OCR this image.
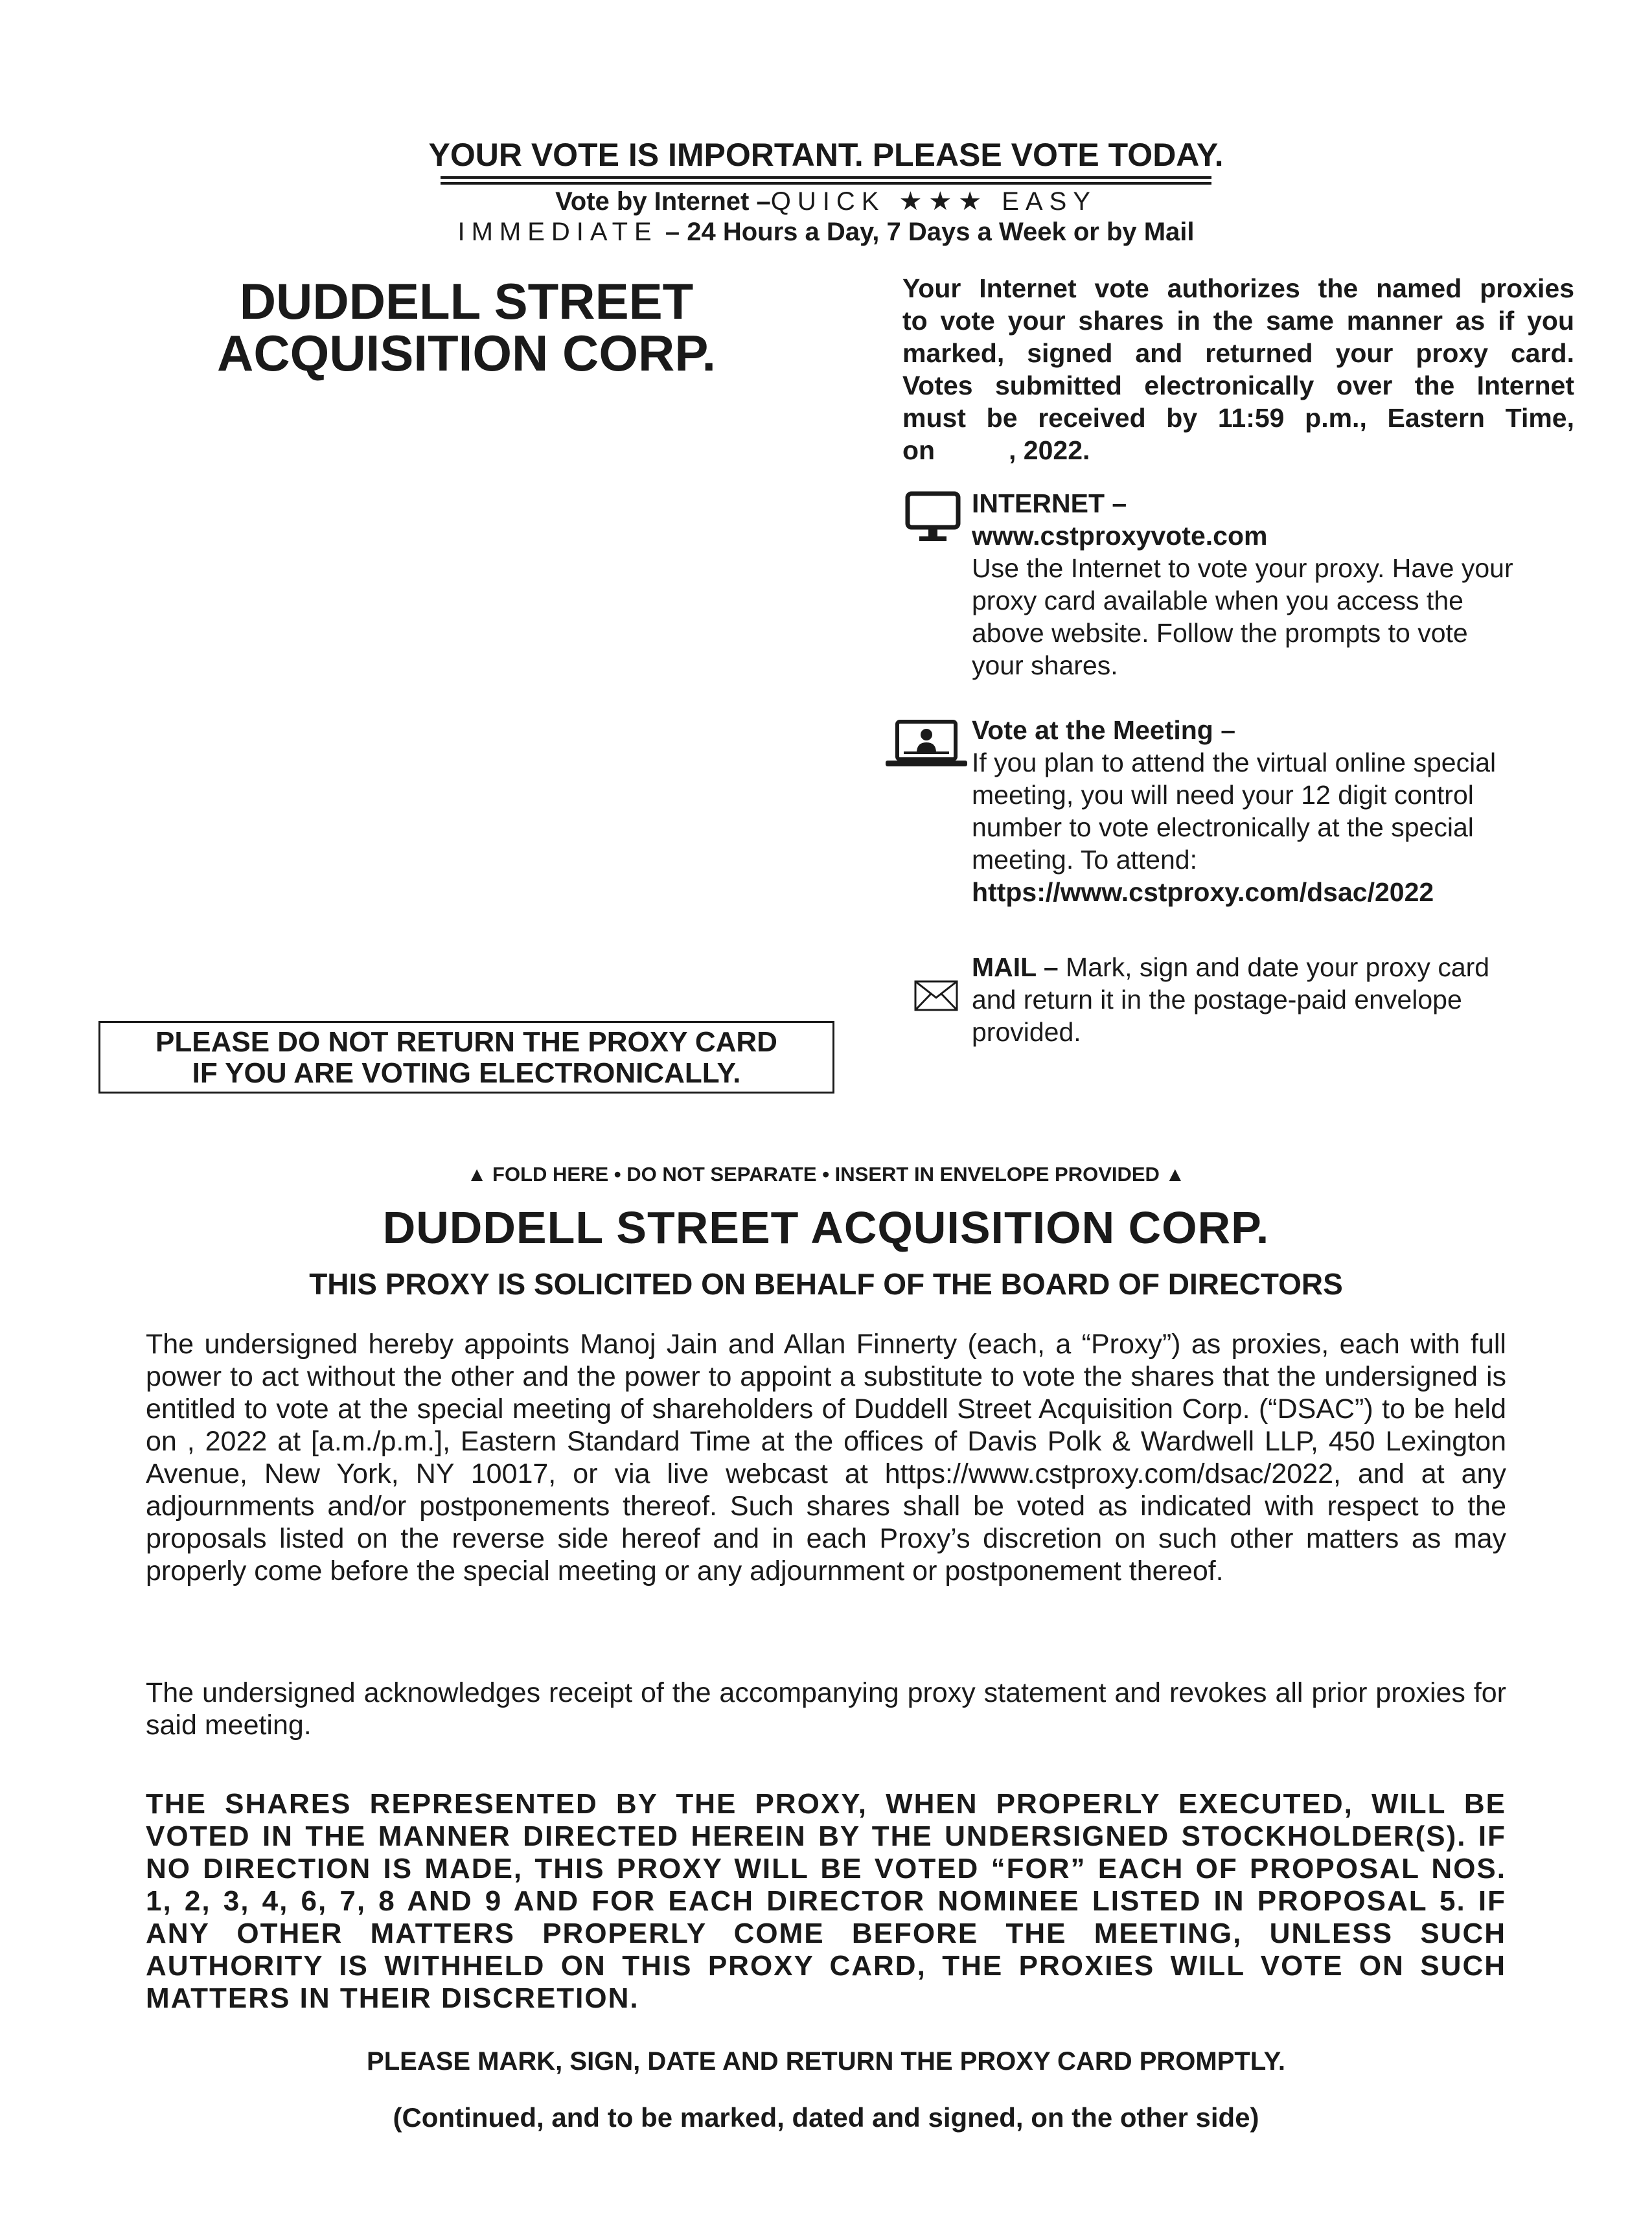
YOUR VOTE IS IMPORTANT. PLEASE VOTE TODAY.
Vote by Internet –QUICK ★★★ EASY
IMMEDIATE – 24 Hours a Day, 7 Days a Week or by Mail
DUDDELL STREET
ACQUISITION CORP.
Your Internet vote authorizes the named proxies
to vote your shares in the same manner as if you
marked, signed and returned your proxy card.
Votes submitted electronically over the Internet
must be received by 11:59 p.m., Eastern Time,
on          , 2022.
INTERNET –
www.cstproxyvote.com
Use the Internet to vote your proxy. Have your
proxy card available when you access the
above website. Follow the prompts to vote
your shares.
Vote at the Meeting –
If you plan to attend the virtual online special
meeting, you will need your 12 digit control
number to vote electronically at the special
meeting. To attend:
https://www.cstproxy.com/dsac/2022
MAIL – Mark, sign and date your proxy card
and return it in the postage-paid envelope
provided.
PLEASE DO NOT RETURN THE PROXY CARD
IF YOU ARE VOTING ELECTRONICALLY.
▲ FOLD HERE • DO NOT SEPARATE • INSERT IN ENVELOPE PROVIDED ▲
DUDDELL STREET ACQUISITION CORP.
THIS PROXY IS SOLICITED ON BEHALF OF THE BOARD OF DIRECTORS
The undersigned hereby appoints Manoj Jain and Allan Finnerty (each, a “Proxy”) as proxies, each with full power to act without the other and the power to appoint a substitute to vote the shares that the undersigned is entitled to vote at the special meeting of shareholders of Duddell Street Acquisition Corp. (“DSAC”) to be held on , 2022 at [a.m./p.m.], Eastern Standard Time at the offices of Davis Polk & Wardwell LLP, 450 Lexington Avenue, New York, NY 10017, or via live webcast at https://www.cstproxy.com/dsac/2022, and at any adjournments and/or postponements thereof. Such shares shall be voted as indicated with respect to the proposals listed on the reverse side hereof and in each Proxy’s discretion on such other matters as may properly come before the special meeting or any adjournment or postponement thereof.
The undersigned acknowledges receipt of the accompanying proxy statement and revokes all prior proxies for said meeting.
THE SHARES REPRESENTED BY THE PROXY, WHEN PROPERLY EXECUTED, WILL BE VOTED IN THE MANNER DIRECTED HEREIN BY THE UNDERSIGNED STOCKHOLDER(S). IF NO DIRECTION IS MADE, THIS PROXY WILL BE VOTED “FOR” EACH OF PROPOSAL NOS. 1, 2, 3, 4, 6, 7, 8 AND 9 AND FOR EACH DIRECTOR NOMINEE LISTED IN PROPOSAL 5. IF ANY OTHER MATTERS PROPERLY COME BEFORE THE MEETING, UNLESS SUCH AUTHORITY IS WITHHELD ON THIS PROXY CARD, THE PROXIES WILL VOTE ON SUCH MATTERS IN THEIR DISCRETION.
PLEASE MARK, SIGN, DATE AND RETURN THE PROXY CARD PROMPTLY.
(Continued, and to be marked, dated and signed, on the other side)
